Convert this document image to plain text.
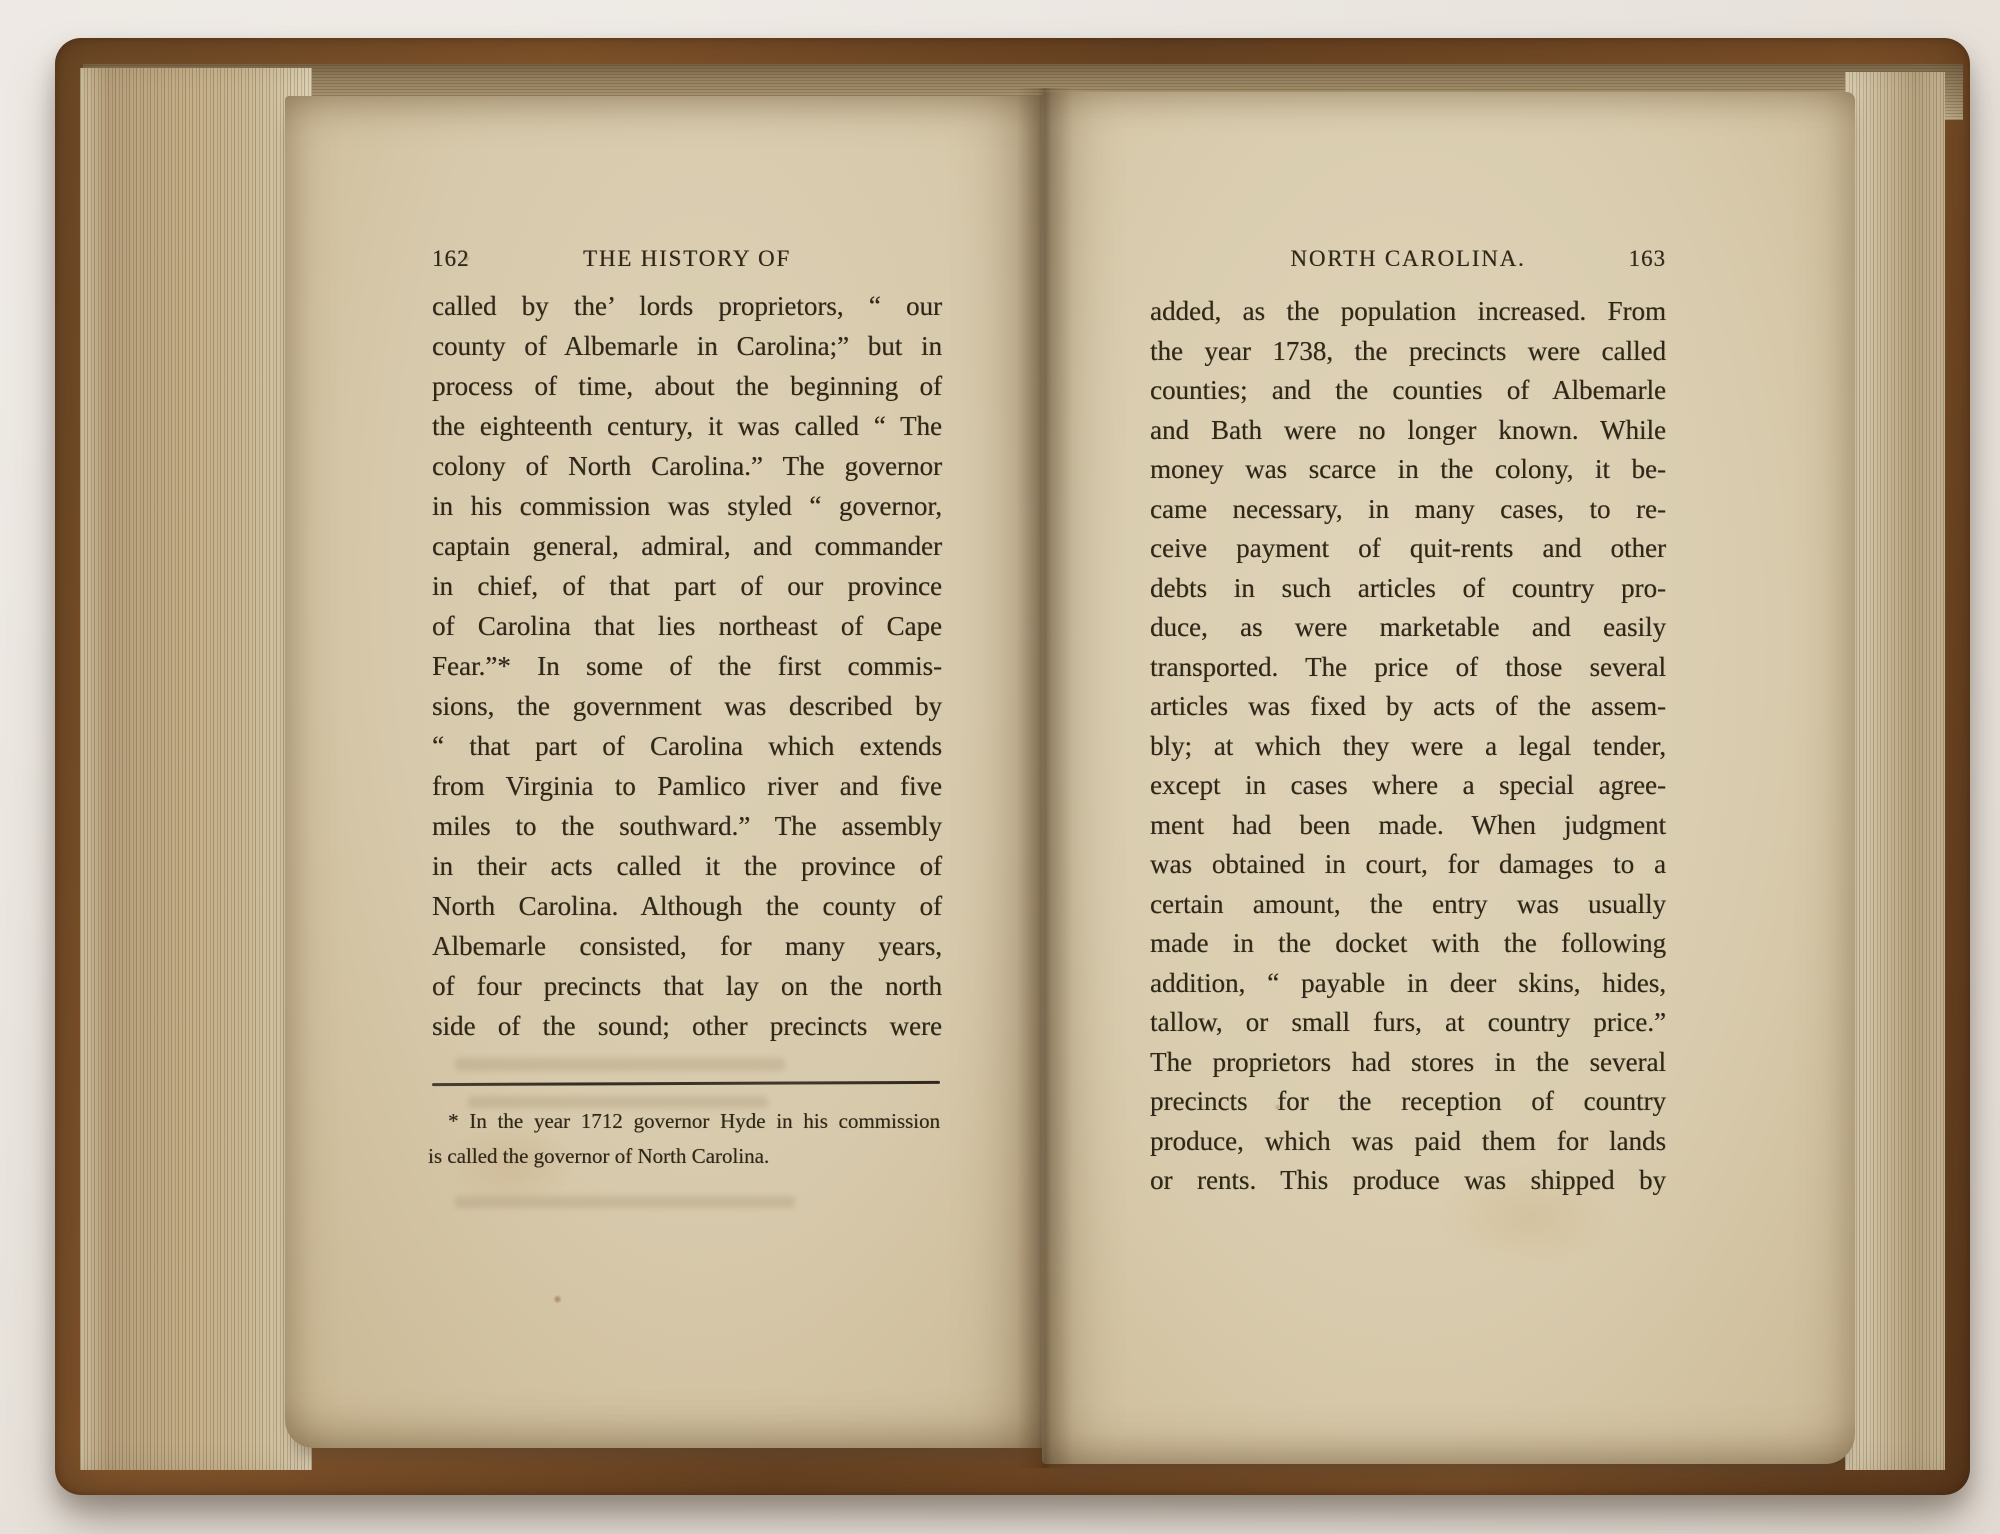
162	THE HISTORY OF
called by the’ lords proprietors, “ our
county of Albemarle in Carolina;” but in
process of time, about the beginning of
the eighteenth century, it was called “ The
colony of North Carolina.” The governor
in his commission was styled “ governor,
captain general, admiral, and commander
in chief, of that part of our province
of Carolina that lies northeast of Cape
Fear.”* In some of the first commis-
sions, the government was described by
“ that part of Carolina which extends
from Virginia to Pamlico river and five
miles to the southward.” The assembly
in their acts called it the province of
North Carolina. Although the county of
Albemarle consisted, for many years,
of four precincts that lay on the north
side of the sound; other precincts were
* In the year 1712 governor Hyde in his commission
is called the governor of North Carolina.
NORTH CAROLINA.	163
added, as the population increased. From
the year 1738, the precincts were called
counties; and the counties of Albemarle
and Bath were no longer known. While
money was scarce in the colony, it be-
came necessary, in many cases, to re-
ceive payment of quit-rents and other
debts in such articles of country pro-
duce, as were marketable and easily
transported. The price of those several
articles was fixed by acts of the assem-
bly; at which they were a legal tender,
except in cases where a special agree-
ment had been made. When judgment
was obtained in court, for damages to a
certain amount, the entry was usually
made in the docket with the following
addition, “ payable in deer skins, hides,
tallow, or small furs, at country price.”
The proprietors had stores in the several
precincts for the reception of country
produce, which was paid them for lands
or rents. This produce was shipped by
